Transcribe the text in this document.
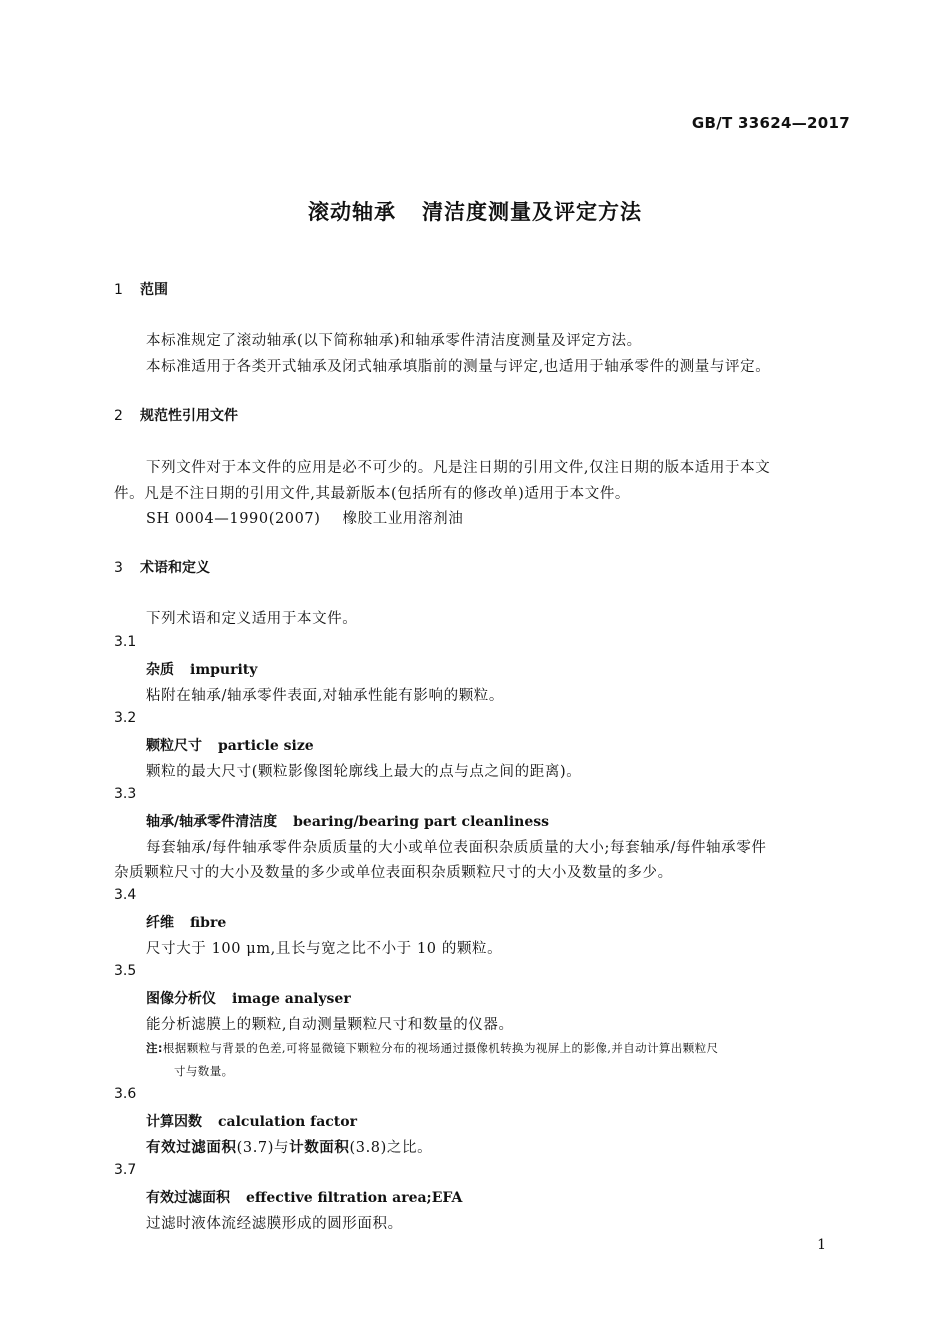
GB/T 33624—2017
滚动轴承 清洁度测量及评定方法
1 范围
本标准规定了滚动轴承(以下简称轴承)和轴承零件清洁度测量及评定方法。
本标准适用于各类开式轴承及闭式轴承填脂前的测量与评定,也适用于轴承零件的测量与评定。
2 规范性引用文件
下列文件对于本文件的应用是必不可少的。凡是注日期的引用文件,仅注日期的版本适用于本文
件。凡是不注日期的引用文件,其最新版本(包括所有的修改单)适用于本文件。
SH 0004—1990(2007) 橡胶工业用溶剂油
3 术语和定义
下列术语和定义适用于本文件。
3.1
杂质 impurity
粘附在轴承/轴承零件表面,对轴承性能有影响的颗粒。
3.2
颗粒尺寸 particle size
颗粒的最大尺寸(颗粒影像图轮廓线上最大的点与点之间的距离)。
3.3
轴承/轴承零件清洁度 bearing/bearing part cleanliness
每套轴承/每件轴承零件杂质质量的大小或单位表面积杂质质量的大小;每套轴承/每件轴承零件
杂质颗粒尺寸的大小及数量的多少或单位表面积杂质颗粒尺寸的大小及数量的多少。
3.4
纤维 fibre
尺寸大于 100 μm,且长与宽之比不小于 10 的颗粒。
3.5
图像分析仪 image analyser
能分析滤膜上的颗粒,自动测量颗粒尺寸和数量的仪器。
注:根据颗粒与背景的色差,可将显微镜下颗粒分布的视场通过摄像机转换为视屏上的影像,并自动计算出颗粒尺
寸与数量。
3.6
计算因数 calculation factor
有效过滤面积(3.7)与计数面积(3.8)之比。
3.7
有效过滤面积 effective filtration area;EFA
过滤时液体流经滤膜形成的圆形面积。
1
